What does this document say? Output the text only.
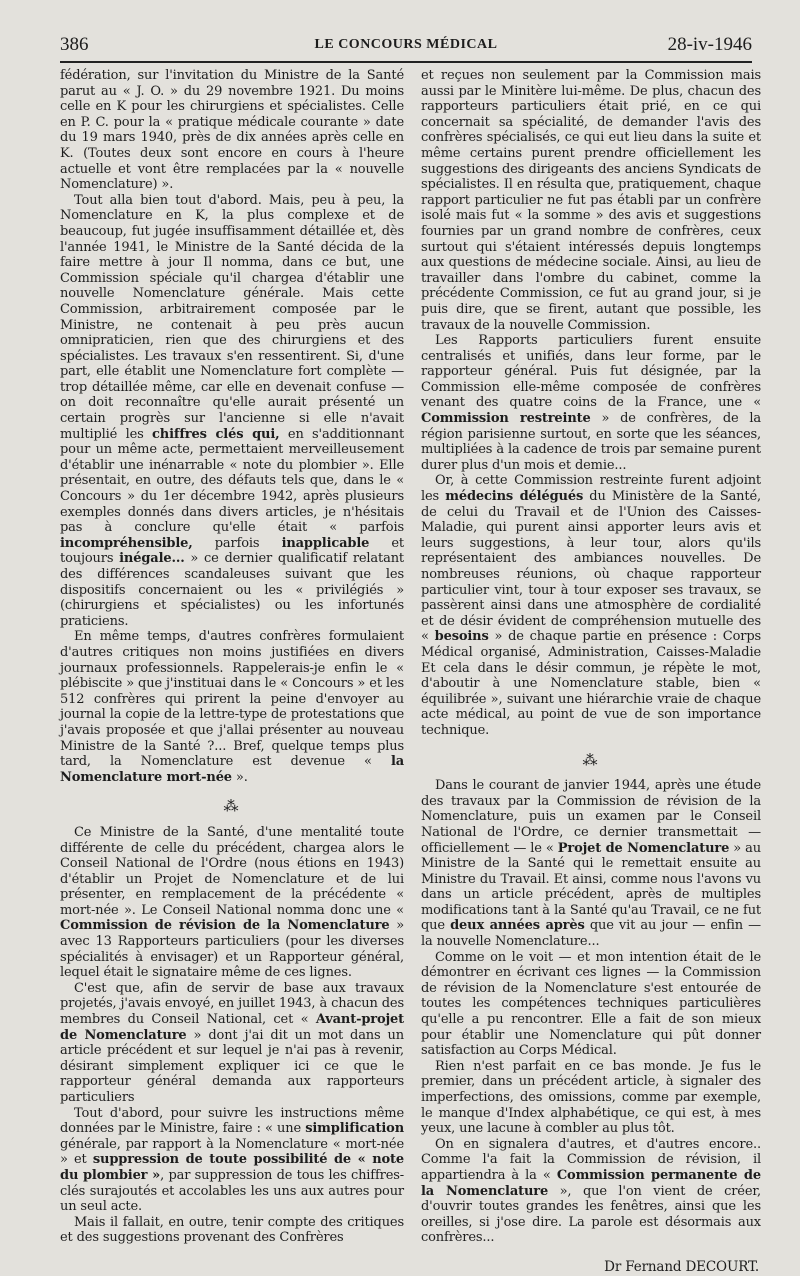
386	LE CONCOURS MÉDICAL	28-iv-1946

fédération, sur l'invitation du Ministre de la Santé parut au « J. O. » du 29 novembre 1921. Du moins celle en K pour les chirurgiens et spécialistes. Celle en P. C. pour la « pratique médicale courante » date du 19 mars 1940, près de dix années après celle en K. (Toutes deux sont encore en cours à l'heure actuelle et vont être remplacées par la « nouvelle Nomenclature) ».

Tout alla bien tout d'abord. Mais, peu à peu, la Nomenclature en K, la plus complexe et de beaucoup, fut jugée insuffisamment détaillée et, dès l'année 1941, le Ministre de la Santé décida de la faire mettre à jour Il nomma, dans ce but, une Commission spéciale qu'il chargea d'établir une nouvelle Nomenclature générale. Mais cette Commission, arbitrairement composée par le Ministre, ne contenait à peu près aucun omnipraticien, rien que des chirurgiens et des spécialistes. Les travaux s'en ressentirent. Si, d'une part, elle établit une Nomenclature fort complète — trop détaillée même, car elle en devenait confuse — on doit reconnaître qu'elle aurait présenté un certain progrès sur l'ancienne si elle n'avait multiplié les chiffres clés qui, en s'additionnant pour un même acte, permettaient merveilleusement d'établir une inénarrable « note du plombier ». Elle présentait, en outre, des défauts tels que, dans le « Concours » du 1er décembre 1942, après plusieurs exemples donnés dans divers articles, je n'hésitais pas à conclure qu'elle était « parfois incompréhensible, parfois inapplicable et toujours inégale... » ce dernier qualificatif relatant des différences scandaleuses suivant que les dispositifs concernaient ou les « privilégiés » (chirurgiens et spécialistes) ou les infortunés praticiens.

En même temps, d'autres confrères formulaient d'autres critiques non moins justifiées en divers journaux professionnels. Rappelerais-je enfin le « plébiscite » que j'instituai dans le « Concours » et les 512 confrères qui prirent la peine d'envoyer au journal la copie de la lettre-type de protestations que j'avais proposée et que j'allai présenter au nouveau Ministre de la Santé ?... Bref, quelque temps plus tard, la Nomenclature est devenue « la Nomenclature mort-née ».

⁂

Ce Ministre de la Santé, d'une mentalité toute différente de celle du précédent, chargea alors le Conseil National de l'Ordre (nous étions en 1943) d'établir un Projet de Nomenclature et de lui présenter, en remplacement de la précédente « mort-née ». Le Conseil National nomma donc une « Commission de révision de la Nomenclature » avec 13 Rapporteurs particuliers (pour les diverses spécialités à envisager) et un Rapporteur général, lequel était le signataire même de ces lignes.

C'est que, afin de servir de base aux travaux projetés, j'avais envoyé, en juillet 1943, à chacun des membres du Conseil National, cet « Avant-projet de Nomenclature » dont j'ai dit un mot dans un article précédent et sur lequel je n'ai pas à revenir, désirant simplement expliquer ici ce que le rapporteur général demanda aux rapporteurs particuliers

Tout d'abord, pour suivre les instructions même données par le Ministre, faire : « une simplification générale, par rapport à la Nomenclature « mort-née » et suppression de toute possibilité de « note du plombier », par suppression de tous les chiffres-clés surajoutés et accolables les uns aux autres pour un seul acte.

Mais il fallait, en outre, tenir compte des critiques et des suggestions provenant des Confrères

et reçues non seulement par la Commission mais aussi par le Minitère lui-même. De plus, chacun des rapporteurs particuliers était prié, en ce qui concernait sa spécialité, de demander l'avis des confrères spécialisés, ce qui eut lieu dans la suite et même certains purent prendre officiellement les suggestions des dirigeants des anciens Syndicats de spécialistes. Il en résulta que, pratiquement, chaque rapport particulier ne fut pas établi par un confrère isolé mais fut « la somme » des avis et suggestions fournies par un grand nombre de confrères, ceux surtout qui s'étaient intéressés depuis longtemps aux questions de médecine sociale. Ainsi, au lieu de travailler dans l'ombre du cabinet, comme la précédente Commission, ce fut au grand jour, si je puis dire, que se firent, autant que possible, les travaux de la nouvelle Commission.

Les Rapports particuliers furent ensuite centralisés et unifiés, dans leur forme, par le rapporteur général. Puis fut désignée, par la Commission elle-même composée de confrères venant des quatre coins de la France, une « Commission restreinte » de confrères, de la région parisienne surtout, en sorte que les séances, multipliées à la cadence de trois par semaine purent durer plus d'un mois et demie...

Or, à cette Commission restreinte furent adjoint les médecins délégués du Ministère de la Santé, de celui du Travail et de l'Union des Caisses-Maladie, qui purent ainsi apporter leurs avis et leurs suggestions, à leur tour, alors qu'ils représentaient des ambiances nouvelles. De nombreuses réunions, où chaque rapporteur particulier vint, tour à tour exposer ses travaux, se passèrent ainsi dans une atmosphère de cordialité et de désir évident de compréhension mutuelle des « besoins » de chaque partie en présence : Corps Médical organisé, Administration, Caisses-Maladie Et cela dans le désir commun, je répète le mot, d'aboutir à une Nomenclature stable, bien « équilibrée », suivant une hiérarchie vraie de chaque acte médical, au point de vue de son importance technique.

⁂

Dans le courant de janvier 1944, après une étude des travaux par la Commission de révision de la Nomenclature, puis un examen par le Conseil National de l'Ordre, ce dernier transmettait — officiellement — le « Projet de Nomenclature » au Ministre de la Santé qui le remettait ensuite au Ministre du Travail. Et ainsi, comme nous l'avons vu dans un article précédent, après de multiples modifications tant à la Santé qu'au Travail, ce ne fut que deux années après que vit au jour — enfin — la nouvelle Nomenclature...

Comme on le voit — et mon intention était de le démontrer en écrivant ces lignes — la Commission de révision de la Nomenclature s'est entourée de toutes les compétences techniques particulières qu'elle a pu rencontrer. Elle a fait de son mieux pour établir une Nomenclature qui pût donner satisfaction au Corps Médical.

Rien n'est parfait en ce bas monde. Je fus le premier, dans un précédent article, à signaler des imperfections, des omissions, comme par exemple, le manque d'Index alphabétique, ce qui est, à mes yeux, une lacune à combler au plus tôt.

On en signalera d'autres, et d'autres encore.. Comme l'a fait la Commission de révision, il appartiendra à la « Commission permanente de la Nomenclature », que l'on vient de créer, d'ouvrir toutes grandes les fenêtres, ainsi que les oreilles, si j'ose dire. La parole est désormais aux confrères...

Dr Fernand DECOURT.
